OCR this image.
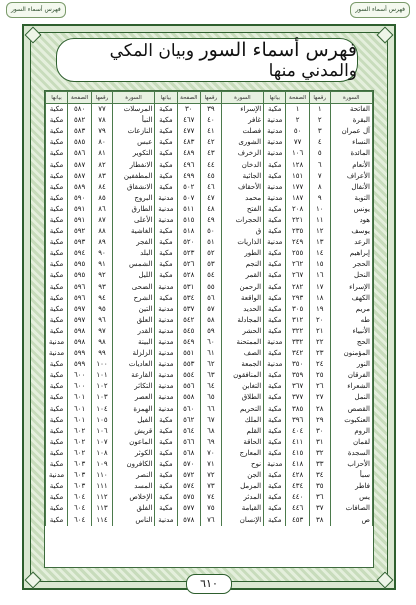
فهرس أسماء السور	فهرس أسماء السور
فهرس أسماء السور وبيان المكي والمدني منها
السورة	رقمها	الصفحة	بيانها	السورة	رقمها	الصفحة	بيانها	السورة	رقمها	الصفحة	بيانها
الفاتحة	١	١	مكية	الإسراء	٣٩	٣٠	مكية	المرسلات	٧٧	٥٨٠	مكية
البقرة	٢	٢	مدنية	غافر	٤٠	٤٦٧	مكية	النبأ	٧٨	٥٨٢	مكية
آل عمران	٣	٥٠	مدنية	فصلت	٤١	٤٧٧	مكية	النازعات	٧٩	٥٨٣	مكية
النساء	٤	٧٧	مدنية	الشورى	٤٢	٤٨٣	مكية	عبس	٨٠	٥٨٥	مكية
المائدة	٥	١٠٦	مدنية	الزخرف	٤٣	٤٨٩	مكية	التكوير	٨١	٥٨٦	مكية
الأنعام	٦	١٢٨	مكية	الدخان	٤٤	٤٩٦	مكية	الانفطار	٨٢	٥٨٧	مكية
الأعراف	٧	١٥١	مكية	الجاثية	٤٥	٤٩٩	مكية	المطففين	٨٣	٥٨٧	مكية
الأنفال	٨	١٧٧	مدنية	الأحقاف	٤٦	٥٠٢	مكية	الانشقاق	٨٤	٥٨٩	مكية
التوبة	٩	١٨٧	مدنية	محمد	٤٧	٥٠٧	مدنية	البروج	٨٥	٥٩٠	مكية
يونس	١٠	٢٠٨	مكية	الفتح	٤٨	٥١١	مدنية	الطارق	٨٦	٥٩١	مكية
هود	١١	٢٢١	مكية	الحجرات	٤٩	٥١٥	مدنية	الأعلى	٨٧	٥٩١	مكية
يوسف	١٢	٢٣٥	مكية	ق	٥٠	٥١٨	مكية	الغاشية	٨٨	٥٩٢	مكية
الرعد	١٣	٢٤٩	مدنية	الذاريات	٥١	٥٢٠	مكية	الفجر	٨٩	٥٩٣	مكية
إبراهيم	١٤	٢٥٥	مكية	الطور	٥٢	٥٢٣	مكية	البلد	٩٠	٥٩٤	مكية
الحجر	١٥	٢٦٢	مكية	النجم	٥٣	٥٢٦	مكية	الشمس	٩١	٥٩٥	مكية
النحل	١٦	٢٦٧	مكية	القمر	٥٤	٥٢٨	مكية	الليل	٩٢	٥٩٥	مكية
الإسراء	١٧	٢٨٢	مكية	الرحمن	٥٥	٥٣١	مدنية	الضحى	٩٣	٥٩٦	مكية
الكهف	١٨	٢٩٣	مكية	الواقعة	٥٦	٥٣٤	مكية	الشرح	٩٤	٥٩٦	مكية
مريم	١٩	٣٠٥	مكية	الحديد	٥٧	٥٣٧	مدنية	التين	٩٥	٥٩٧	مكية
طه	٢٠	٣١٢	مكية	المجادلة	٥٨	٥٤٢	مدنية	العلق	٩٦	٥٩٧	مكية
الأنبياء	٢١	٣٢٢	مكية	الحشر	٥٩	٥٤٥	مدنية	القدر	٩٧	٥٩٨	مكية
الحج	٢٢	٣٣٢	مدنية	الممتحنة	٦٠	٥٤٩	مدنية	البينة	٩٨	٥٩٨	مدنية
المؤمنون	٢٣	٣٤٢	مكية	الصف	٦١	٥٥١	مدنية	الزلزلة	٩٩	٥٩٩	مدنية
النور	٢٤	٣٥٠	مدنية	الجمعة	٦٢	٥٥٣	مدنية	العاديات	١٠٠	٥٩٩	مكية
الفرقان	٢٥	٣٥٩	مكية	المنافقون	٦٣	٥٥٤	مدنية	القارعة	١٠١	٦٠٠	مكية
الشعراء	٢٦	٣٦٧	مكية	التغابن	٦٤	٥٥٦	مدنية	التكاثر	١٠٢	٦٠٠	مكية
النمل	٢٧	٣٧٧	مكية	الطلاق	٦٥	٥٥٨	مدنية	العصر	١٠٣	٦٠١	مكية
القصص	٢٨	٣٨٥	مكية	التحريم	٦٦	٥٦٠	مدنية	الهمزة	١٠٤	٦٠١	مكية
العنكبوت	٢٩	٣٩٦	مكية	الملك	٦٧	٥٦٢	مكية	الفيل	١٠٥	٦٠١	مكية
الروم	٣٠	٤٠٤	مكية	القلم	٦٨	٥٦٤	مكية	قريش	١٠٦	٦٠٢	مكية
لقمان	٣١	٤١١	مكية	الحاقة	٦٩	٥٦٦	مكية	الماعون	١٠٧	٦٠٢	مكية
السجدة	٣٢	٤١٥	مكية	المعارج	٧٠	٥٦٨	مكية	الكوثر	١٠٨	٦٠٢	مكية
الأحزاب	٣٣	٤١٨	مدنية	نوح	٧١	٥٧٠	مكية	الكافرون	١٠٩	٦٠٣	مكية
سبأ	٣٤	٤٢٨	مكية	الجن	٧٢	٥٧٢	مكية	النصر	١١٠	٦٠٣	مدنية
فاطر	٣٥	٤٣٤	مكية	المزمل	٧٣	٥٧٤	مكية	المسد	١١١	٦٠٣	مكية
يس	٣٦	٤٤٠	مكية	المدثر	٧٤	٥٧٥	مكية	الإخلاص	١١٢	٦٠٤	مكية
الصافات	٣٧	٤٤٦	مكية	القيامة	٧٥	٥٧٧	مكية	الفلق	١١٣	٦٠٤	مكية
ص	٣٨	٤٥٣	مكية	الإنسان	٧٦	٥٧٨	مدنية	الناس	١١٤	٦٠٤	مكية
٦١٠
